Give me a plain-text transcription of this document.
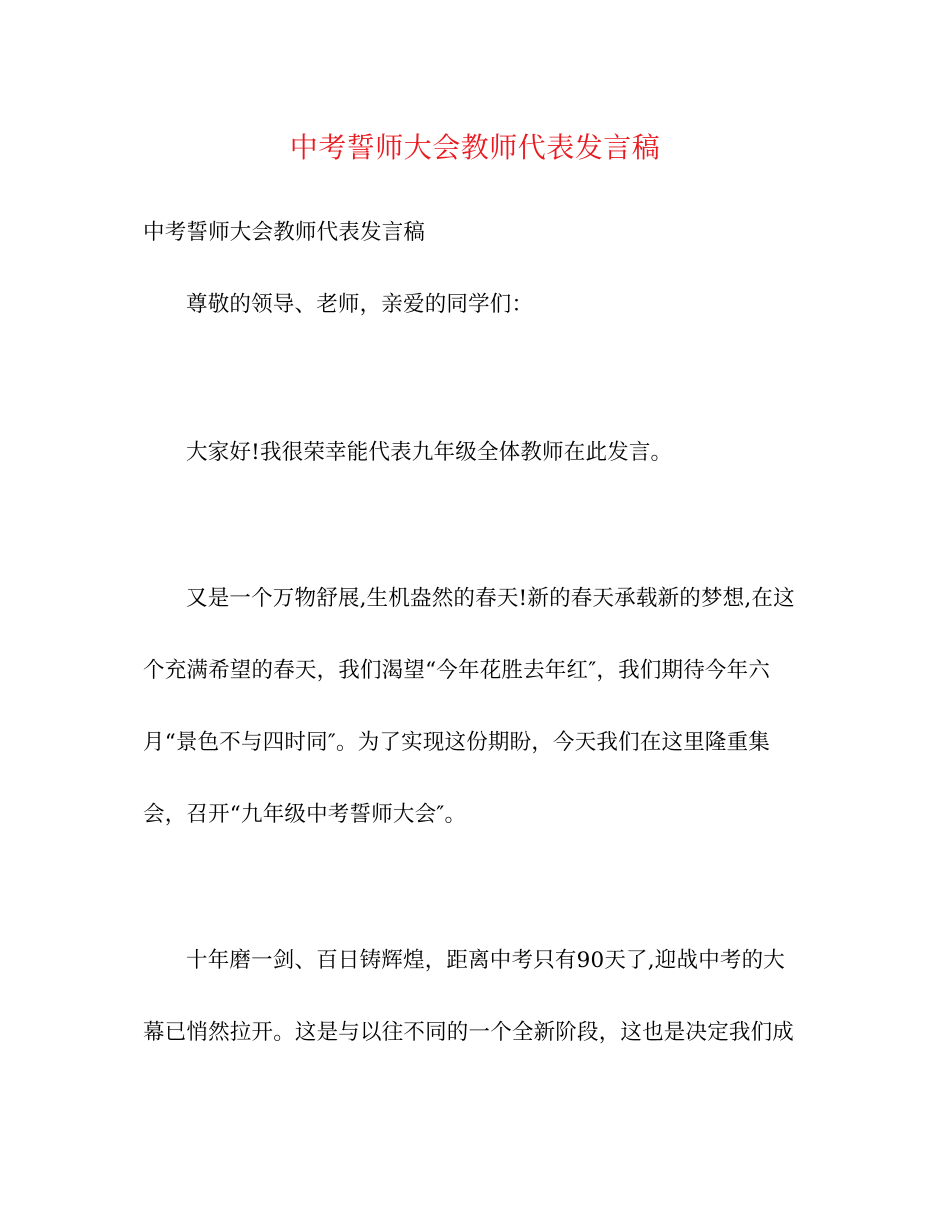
中考誓师大会教师代表发言稿
中考誓师大会教师代表发言稿
尊敬的领导、老师，亲爱的同学们：
大家好!我很荣幸能代表九年级全体教师在此发言。
又是一个万物舒展,生机盎然的春天!新的春天承载新的梦想,在这
个充满希望的春天，我们渴望“今年花胜去年红″，我们期待今年六
月“景色不与四时同″。为了实现这份期盼，今天我们在这里隆重集
会，召开“九年级中考誓师大会″。
十年磨一剑、百日铸辉煌，距离中考只有90天了,迎战中考的大
幕已悄然拉开。这是与以往不同的一个全新阶段，这也是决定我们成
